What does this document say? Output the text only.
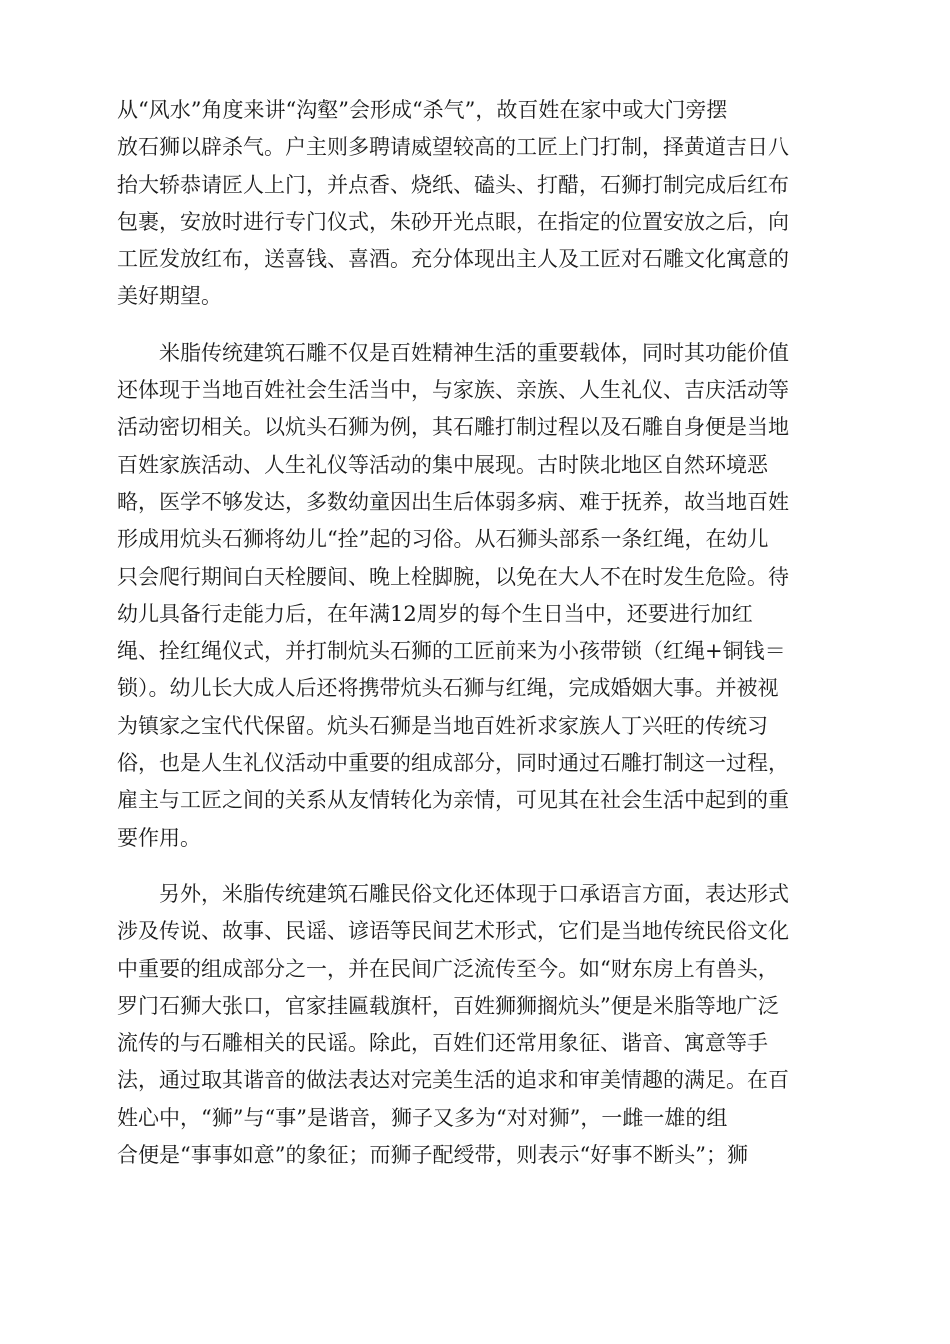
从“风水”角度来讲“沟壑”会形成“杀气”，故百姓在家中或大门旁摆
放石狮以辟杀气。户主则多聘请威望较高的工匠上门打制，择黄道吉日八
抬大轿恭请匠人上门，并点香、烧纸、磕头、打醋，石狮打制完成后红布
包裹，安放时进行专门仪式，朱砂开光点眼，在指定的位置安放之后，向
工匠发放红布，送喜钱、喜酒。充分体现出主人及工匠对石雕文化寓意的
美好期望。

米脂传统建筑石雕不仅是百姓精神生活的重要载体，同时其功能价值
还体现于当地百姓社会生活当中，与家族、亲族、人生礼仪、吉庆活动等
活动密切相关。以炕头石狮为例，其石雕打制过程以及石雕自身便是当地
百姓家族活动、人生礼仪等活动的集中展现。古时陕北地区自然环境恶
略，医学不够发达，多数幼童因出生后体弱多病、难于抚养，故当地百姓
形成用炕头石狮将幼儿“拴”起的习俗。从石狮头部系一条红绳，在幼儿
只会爬行期间白天栓腰间、晚上栓脚腕，以免在大人不在时发生危险。待
幼儿具备行走能力后，在年满12周岁的每个生日当中，还要进行加红
绳、拴红绳仪式，并打制炕头石狮的工匠前来为小孩带锁（红绳+铜钱＝
锁）。幼儿长大成人后还将携带炕头石狮与红绳，完成婚姻大事。并被视
为镇家之宝代代保留。炕头石狮是当地百姓祈求家族人丁兴旺的传统习
俗，也是人生礼仪活动中重要的组成部分，同时通过石雕打制这一过程，
雇主与工匠之间的关系从友情转化为亲情，可见其在社会生活中起到的重
要作用。

另外，米脂传统建筑石雕民俗文化还体现于口承语言方面，表达形式
涉及传说、故事、民谣、谚语等民间艺术形式，它们是当地传统民俗文化
中重要的组成部分之一，并在民间广泛流传至今。如“财东房上有兽头，
罗门石狮大张口，官家挂匾载旗杆，百姓狮狮搁炕头”便是米脂等地广泛
流传的与石雕相关的民谣。除此，百姓们还常用象征、谐音、寓意等手
法，通过取其谐音的做法表达对完美生活的追求和审美情趣的满足。在百
姓心中，“狮”与“事”是谐音，狮子又多为“对对狮”，一雌一雄的组
合便是“事事如意”的象征；而狮子配绶带，则表示“好事不断头”；狮
